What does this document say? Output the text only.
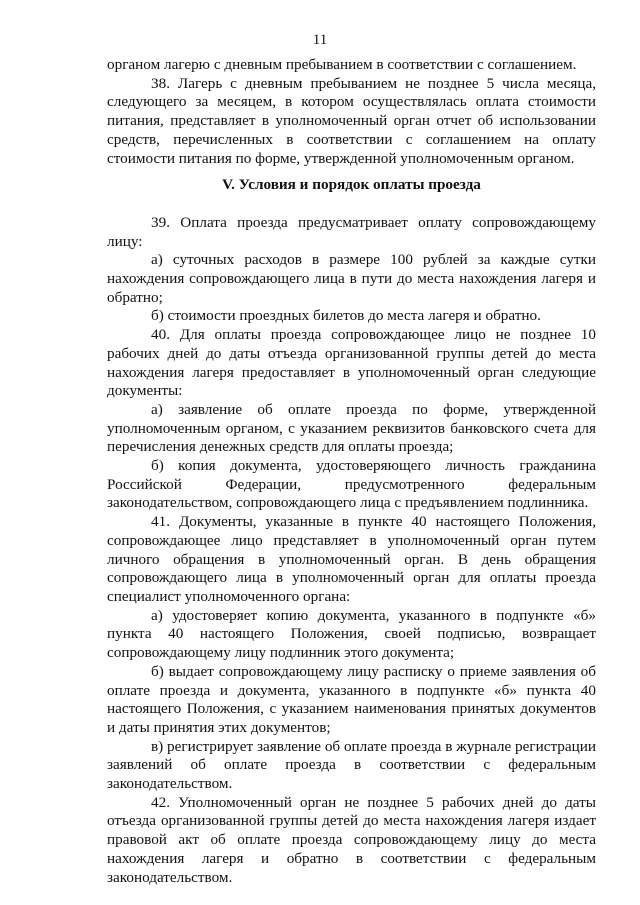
11

органом лагерю с дневным пребыванием в соответствии с соглашением.

38. Лагерь с дневным пребыванием не позднее 5 числа месяца, следующего за месяцем, в котором осуществлялась оплата стоимости питания, представляет в уполномоченный орган отчет об использовании средств, перечисленных в соответствии с соглашением на оплату стоимости питания по форме, утвержденной уполномоченным органом.

V. Условия и порядок оплаты проезда

39. Оплата проезда предусматривает оплату сопровождающему лицу:

а) суточных расходов в размере 100 рублей за каждые сутки нахождения сопровождающего лица в пути до места нахождения лагеря и обратно;

б) стоимости проездных билетов до места лагеря и обратно.

40. Для оплаты проезда сопровождающее лицо не позднее 10 рабочих дней до даты отъезда организованной группы детей до места нахождения лагеря предоставляет в уполномоченный орган следующие документы:

а) заявление об оплате проезда по форме, утвержденной уполномоченным органом, с указанием реквизитов банковского счета для перечисления денежных средств для оплаты проезда;

б) копия документа, удостоверяющего личность гражданина Российской Федерации, предусмотренного федеральным законодательством, сопровождающего лица с предъявлением подлинника.

41. Документы, указанные в пункте 40 настоящего Положения, сопровождающее лицо представляет в уполномоченный орган путем личного обращения в уполномоченный орган. В день обращения сопровождающего лица в уполномоченный орган для оплаты проезда специалист уполномоченного органа:

а) удостоверяет копию документа, указанного в подпункте «б» пункта 40 настоящего Положения, своей подписью, возвращает сопровождающему лицу подлинник этого документа;

б) выдает сопровождающему лицу расписку о приеме заявления об оплате проезда и документа, указанного в подпункте «б» пункта 40 настоящего Положения, с указанием наименования принятых документов и даты принятия этих документов;

в) регистрирует заявление об оплате проезда в журнале регистрации заявлений об оплате проезда в соответствии с федеральным законодательством.

42. Уполномоченный орган не позднее 5 рабочих дней до даты отъезда организованной группы детей до места нахождения лагеря издает правовой акт об оплате проезда сопровождающему лицу до места нахождения лагеря и обратно в соответствии с федеральным законодательством.
